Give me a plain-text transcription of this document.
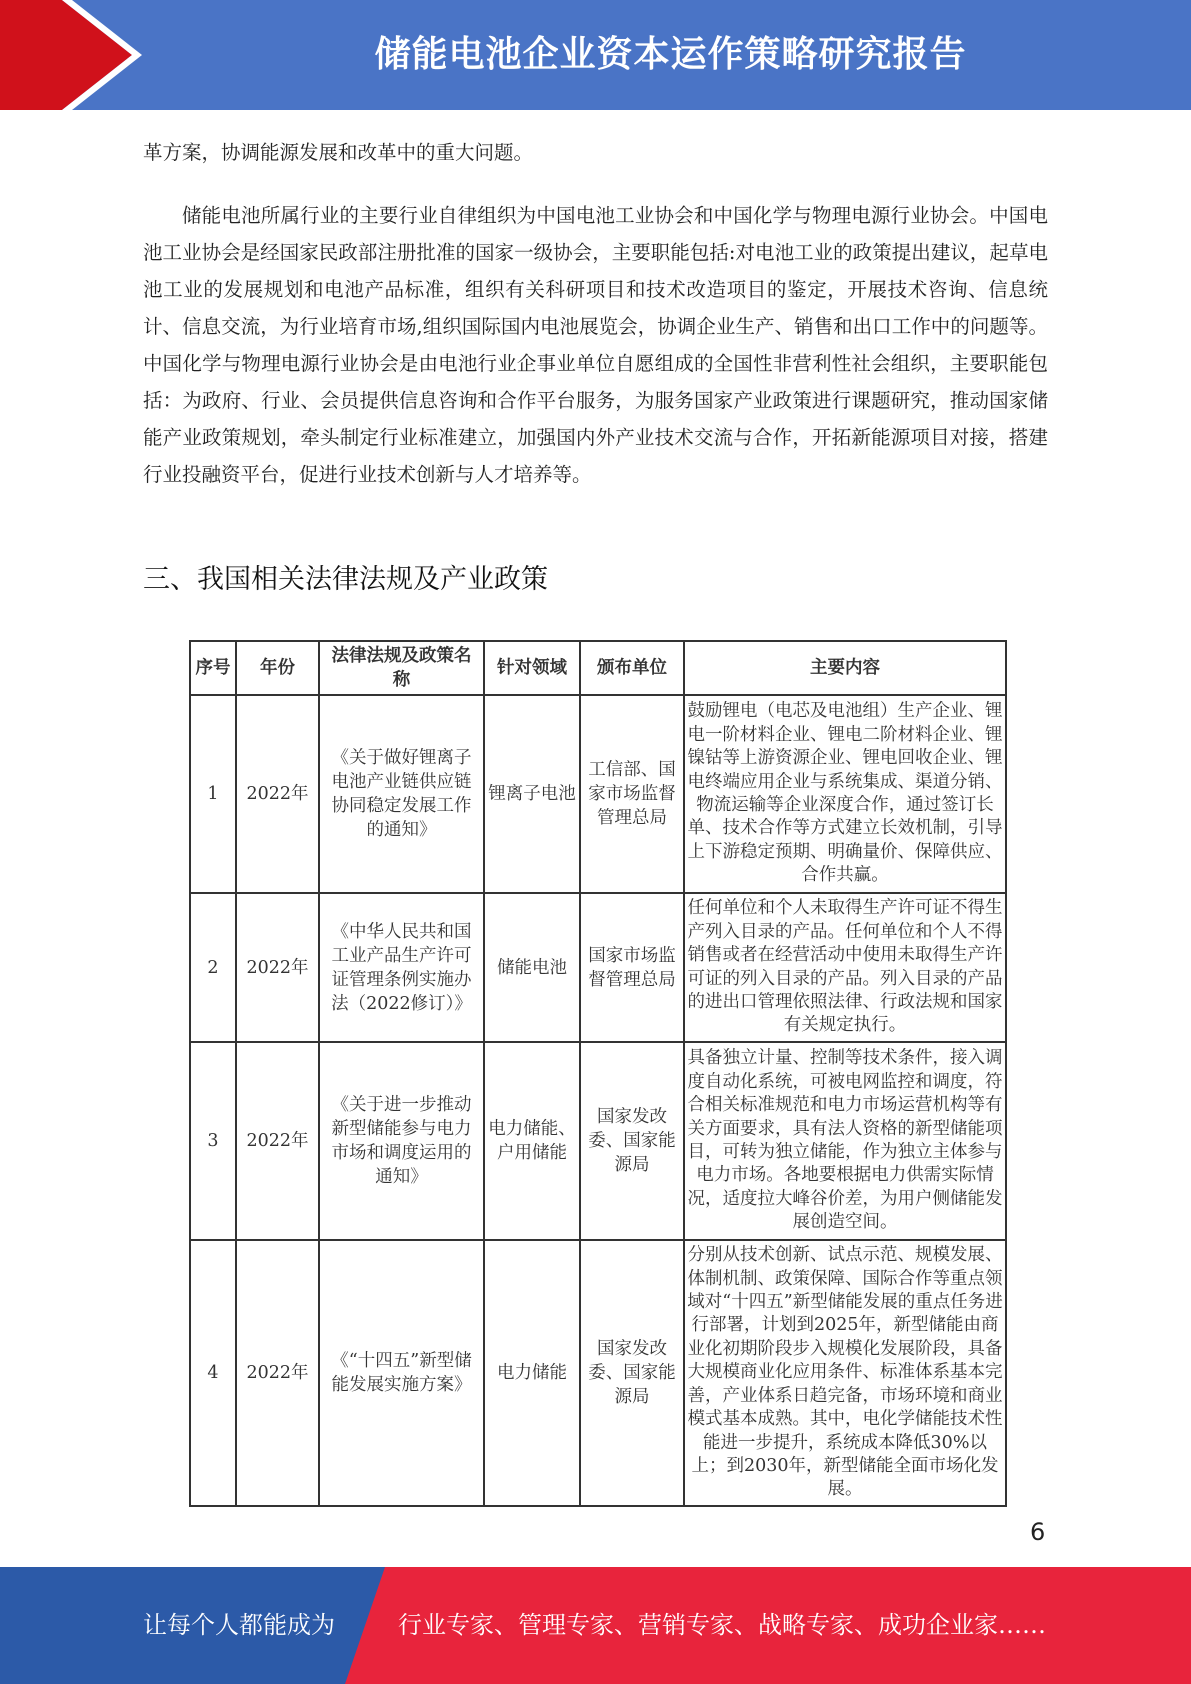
储能电池企业资本运作策略研究报告
革方案，协调能源发展和改革中的重大问题。
储能电池所属行业的主要行业自律组织为中国电池工业协会和中国化学与物理电源行业协会。中国电池工业协会是经国家民政部注册批准的国家一级协会，主要职能包括:对电池工业的政策提出建议，起草电池工业的发展规划和电池产品标准，组织有关科研项目和技术改造项目的鉴定，开展技术咨询、信息统计、信息交流，为行业培育市场,组织国际国内电池展览会，协调企业生产、销售和出口工作中的问题等。中国化学与物理电源行业协会是由电池行业企事业单位自愿组成的全国性非营利性社会组织，主要职能包括：为政府、行业、会员提供信息咨询和合作平台服务，为服务国家产业政策进行课题研究，推动国家储能产业政策规划，牵头制定行业标准建立，加强国内外产业技术交流与合作，开拓新能源项目对接，搭建行业投融资平台，促进行业技术创新与人才培养等。
三、我国相关法律法规及产业政策
序号	年份	法律法规及政策名称	针对领域	颁布单位	主要内容
1	2022年	《关于做好锂离子电池产业链供应链协同稳定发展工作的通知》	锂离子电池	工信部、国家市场监督管理总局	鼓励锂电（电芯及电池组）生产企业、锂电一阶材料企业、锂电二阶材料企业、锂镍钴等上游资源企业、锂电回收企业、锂电终端应用企业与系统集成、渠道分销、物流运输等企业深度合作，通过签订长单、技术合作等方式建立长效机制，引导上下游稳定预期、明确量价、保障供应、合作共赢。
2	2022年	《中华人民共和国工业产品生产许可证管理条例实施办法（2022修订）》	储能电池	国家市场监督管理总局	任何单位和个人未取得生产许可证不得生产列入目录的产品。任何单位和个人不得销售或者在经营活动中使用未取得生产许可证的列入目录的产品。列入目录的产品的进出口管理依照法律、行政法规和国家有关规定执行。
3	2022年	《关于进一步推动新型储能参与电力市场和调度运用的通知》	电力储能、户用储能	国家发改委、国家能源局	具备独立计量、控制等技术条件，接入调度自动化系统，可被电网监控和调度，符合相关标准规范和电力市场运营机构等有关方面要求，具有法人资格的新型储能项目，可转为独立储能，作为独立主体参与电力市场。各地要根据电力供需实际情况，适度拉大峰谷价差，为用户侧储能发展创造空间。
4	2022年	《“十四五”新型储能发展实施方案》	电力储能	国家发改委、国家能源局	分别从技术创新、试点示范、规模发展、体制机制、政策保障、国际合作等重点领域对“十四五”新型储能发展的重点任务进行部署，计划到2025年，新型储能由商业化初期阶段步入规模化发展阶段，具备大规模商业化应用条件、标准体系基本完善，产业体系日趋完备，市场环境和商业模式基本成熟。其中，电化学储能技术性能进一步提升，系统成本降低30%以上；到2030年，新型储能全面市场化发展。
6
让每个人都能成为	行业专家、管理专家、营销专家、战略专家、成功企业家……
